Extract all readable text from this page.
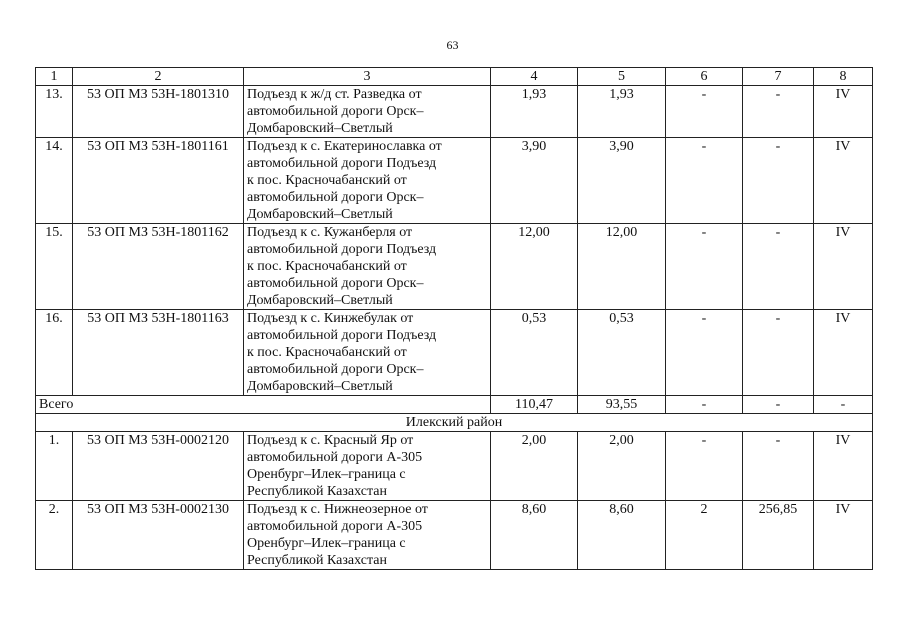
63
1	2	3	4	5	6	7	8
13.	53 ОП МЗ 53Н-1801310	Подъезд к ж/д ст. Разведка от
автомобильной дороги Орск–
Домбаровский–Светлый	1,93	1,93	-	-	IV
14.	53 ОП МЗ 53Н-1801161	Подъезд к с. Екатеринославка от
автомобильной дороги Подъезд
к пос. Красночабанский от
автомобильной дороги Орск–
Домбаровский–Светлый	3,90	3,90	-	-	IV
15.	53 ОП МЗ 53Н-1801162	Подъезд к с. Кужанберля от
автомобильной дороги Подъезд
к пос. Красночабанский от
автомобильной дороги Орск–
Домбаровский–Светлый	12,00	12,00	-	-	IV
16.	53 ОП МЗ 53Н-1801163	Подъезд к с. Кинжебулак от
автомобильной дороги Подъезд
к пос. Красночабанский от
автомобильной дороги Орск–
Домбаровский–Светлый	0,53	0,53	-	-	IV
Всего			110,47	93,55	-	-	-
Илекский район							
1.	53 ОП МЗ 53Н-0002120	Подъезд к с. Красный Яр от
автомобильной дороги А-305
Оренбург–Илек–граница с
Республикой Казахстан	2,00	2,00	-	-	IV
2.	53 ОП МЗ 53Н-0002130	Подъезд к с. Нижнеозерное от
автомобильной дороги А-305
Оренбург–Илек–граница с
Республикой Казахстан	8,60	8,60	2	256,85	IV
